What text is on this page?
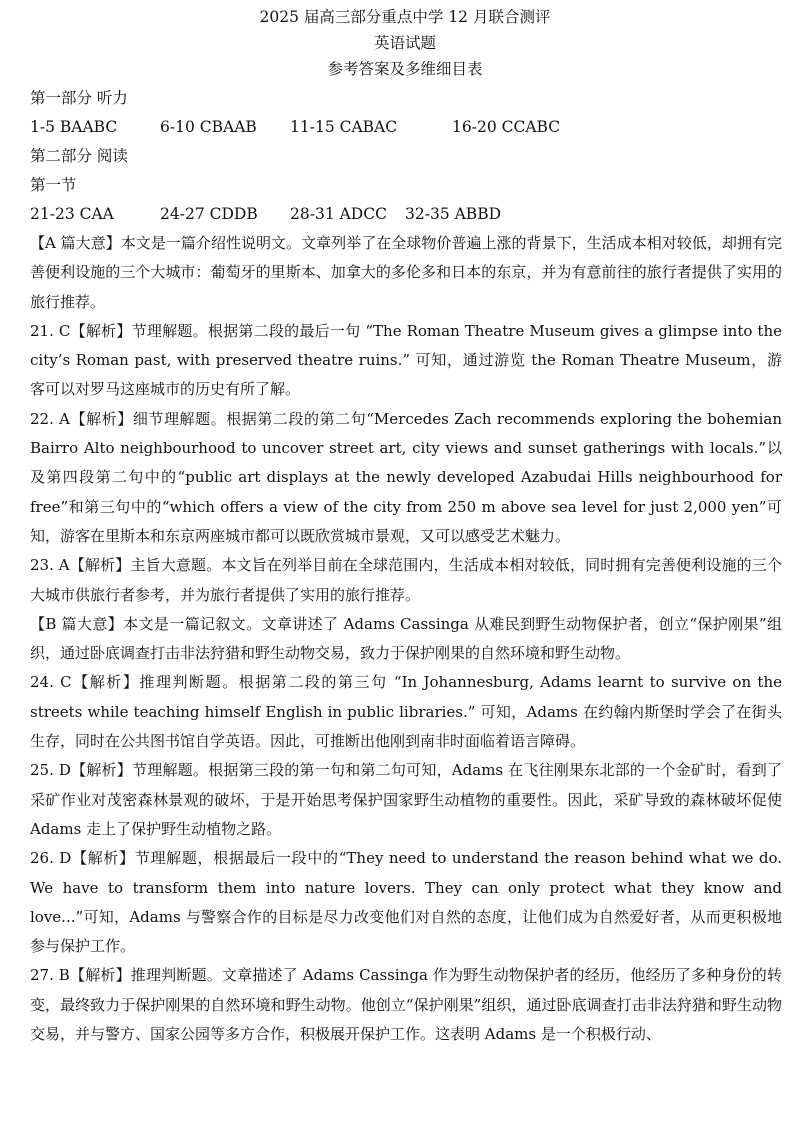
2025 届高三部分重点中学 12 月联合测评
英语试题
参考答案及多维细目表
第一部分 听力
1-5 BAABC	6-10 CBAAB	11-15 CABAC	16-20 CCABC
第二部分 阅读
第一节
21-23 CAA	24-27 CDDB	28-31 ADCC	32-35 ABBD

【A 篇大意】本文是一篇介绍性说明文。文章列举了在全球物价普遍上涨的背景下，生活成本相对较低，却拥有完善便利设施的三个大城市：葡萄牙的里斯本、加拿大的多伦多和日本的东京，并为有意前往的旅行者提供了实用的旅行推荐。

21. C【解析】节理解题。根据第二段的最后一句 “The Roman Theatre Museum gives a glimpse into the city’s Roman past, with preserved theatre ruins.” 可知，通过游览 the Roman Theatre Museum，游客可以对罗马这座城市的历史有所了解。

22. A【解析】细节理解题。根据第二段的第二句“Mercedes Zach recommends exploring the bohemian Bairro Alto neighbourhood to uncover street art, city views and sunset gatherings with locals.”以及第四段第二句中的“public art displays at the newly developed Azabudai Hills neighbourhood for free”和第三句中的“which offers a view of the city from 250 m above sea level for just 2,000 yen”可知，游客在里斯本和东京两座城市都可以既欣赏城市景观，又可以感受艺术魅力。

23. A【解析】主旨大意题。本文旨在列举目前在全球范围内，生活成本相对较低，同时拥有完善便利设施的三个大城市供旅行者参考，并为旅行者提供了实用的旅行推荐。

【B 篇大意】本文是一篇记叙文。文章讲述了 Adams Cassinga 从难民到野生动物保护者，创立“保护刚果”组织，通过卧底调查打击非法狩猎和野生动物交易，致力于保护刚果的自然环境和野生动物。

24. C【解析】推理判断题。根据第二段的第三句 “In Johannesburg, Adams learnt to survive on the streets while teaching himself English in public libraries.” 可知，Adams 在约翰内斯堡时学会了在街头生存，同时在公共图书馆自学英语。因此，可推断出他刚到南非时面临着语言障碍。

25. D【解析】节理解题。根据第三段的第一句和第二句可知，Adams 在飞往刚果东北部的一个金矿时，看到了采矿作业对茂密森林景观的破坏，于是开始思考保护国家野生动植物的重要性。因此，采矿导致的森林破坏促使 Adams 走上了保护野生动植物之路。

26. D【解析】节理解题，根据最后一段中的“They need to understand the reason behind what we do. We have to transform them into nature lovers. They can only protect what they know and love...”可知，Adams 与警察合作的目标是尽力改变他们对自然的态度，让他们成为自然爱好者，从而更积极地参与保护工作。

27. B【解析】推理判断题。文章描述了 Adams Cassinga 作为野生动物保护者的经历，他经历了多种身份的转变，最终致力于保护刚果的自然环境和野生动物。他创立“保护刚果”组织，通过卧底调查打击非法狩猎和野生动物交易，并与警方、国家公园等多方合作，积极展开保护工作。这表明 Adams 是一个积极行动、
